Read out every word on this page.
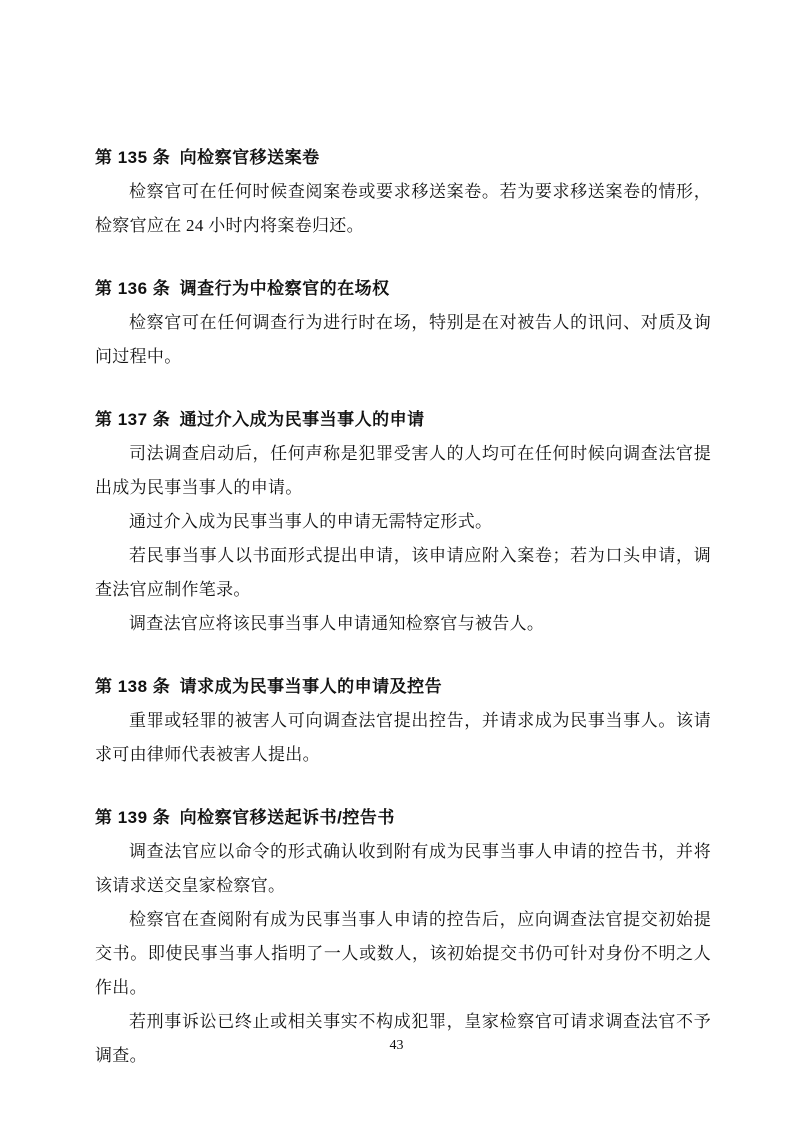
第 135 条 向检察官移送案卷

检察官可在任何时候查阅案卷或要求移送案卷。若为要求移送案卷的情形，检察官应在 24 小时内将案卷归还。

第 136 条 调查行为中检察官的在场权

检察官可在任何调查行为进行时在场，特别是在对被告人的讯问、对质及询问过程中。

第 137 条 通过介入成为民事当事人的申请

司法调查启动后，任何声称是犯罪受害人的人均可在任何时候向调查法官提出成为民事当事人的申请。

通过介入成为民事当事人的申请无需特定形式。

若民事当事人以书面形式提出申请，该申请应附入案卷；若为口头申请，调查法官应制作笔录。

调查法官应将该民事当事人申请通知检察官与被告人。

第 138 条 请求成为民事当事人的申请及控告

重罪或轻罪的被害人可向调查法官提出控告，并请求成为民事当事人。该请求可由律师代表被害人提出。

第 139 条 向检察官移送起诉书/控告书

调查法官应以命令的形式确认收到附有成为民事当事人申请的控告书，并将该请求送交皇家检察官。

检察官在查阅附有成为民事当事人申请的控告后，应向调查法官提交初始提交书。即使民事当事人指明了一人或数人，该初始提交书仍可针对身份不明之人作出。

若刑事诉讼已终止或相关事实不构成犯罪，皇家检察官可请求调查法官不予调查。

43
